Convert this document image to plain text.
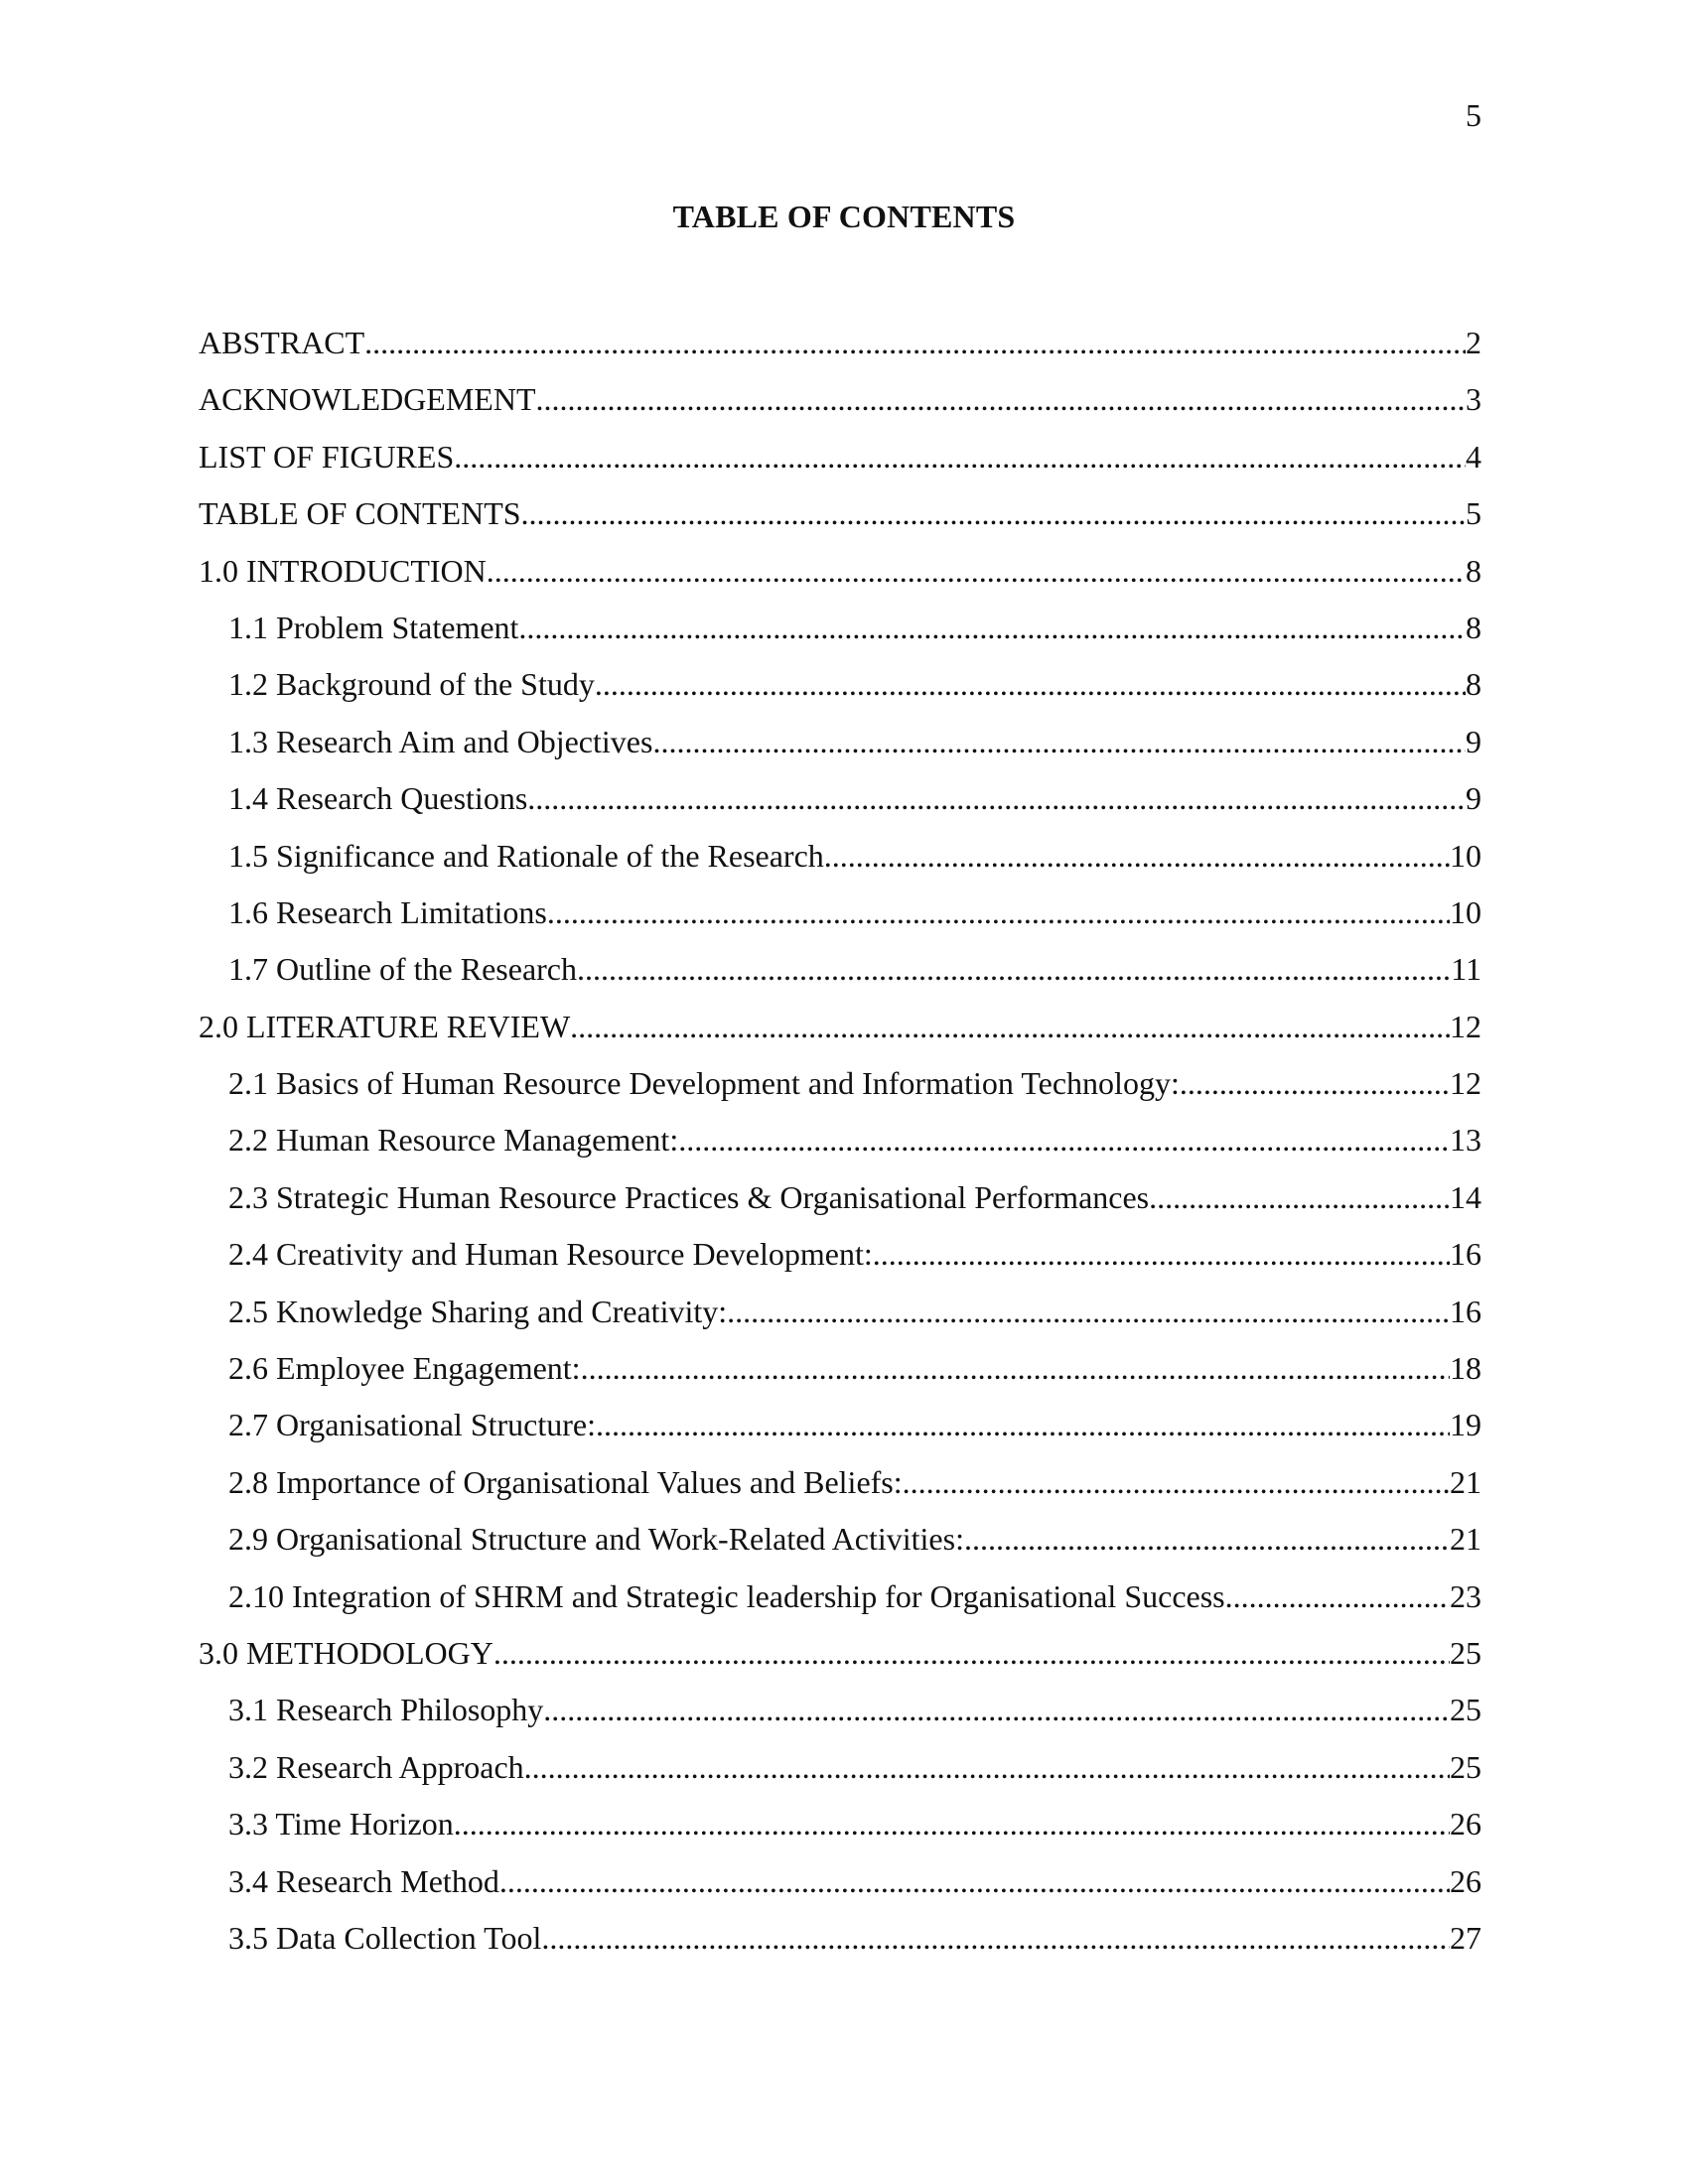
5
TABLE OF CONTENTS
ABSTRACT .....	2
ACKNOWLEDGEMENT .....	3
LIST OF FIGURES .....	4
TABLE OF CONTENTS .....	5
1.0 INTRODUCTION .....	8
1.1 Problem Statement .....	8
1.2 Background of the Study .....	8
1.3 Research Aim and Objectives .....	9
1.4 Research Questions .....	9
1.5 Significance and Rationale of the Research .....	10
1.6 Research Limitations .....	10
1.7 Outline of the Research .....	11
2.0 LITERATURE REVIEW .....	12
2.1 Basics of Human Resource Development and Information Technology: .....	12
2.2 Human Resource Management: .....	13
2.3 Strategic Human Resource Practices & Organisational Performances .....	14
2.4 Creativity and Human Resource Development: .....	16
2.5 Knowledge Sharing and Creativity: .....	16
2.6 Employee Engagement: .....	18
2.7 Organisational Structure: .....	19
2.8 Importance of Organisational Values and Beliefs: .....	21
2.9 Organisational Structure and Work-Related Activities: .....	21
2.10 Integration of SHRM and Strategic leadership for Organisational Success .....	23
3.0 METHODOLOGY .....	25
3.1 Research Philosophy .....	25
3.2 Research Approach .....	25
3.3 Time Horizon .....	26
3.4 Research Method .....	26
3.5 Data Collection Tool .....	27
